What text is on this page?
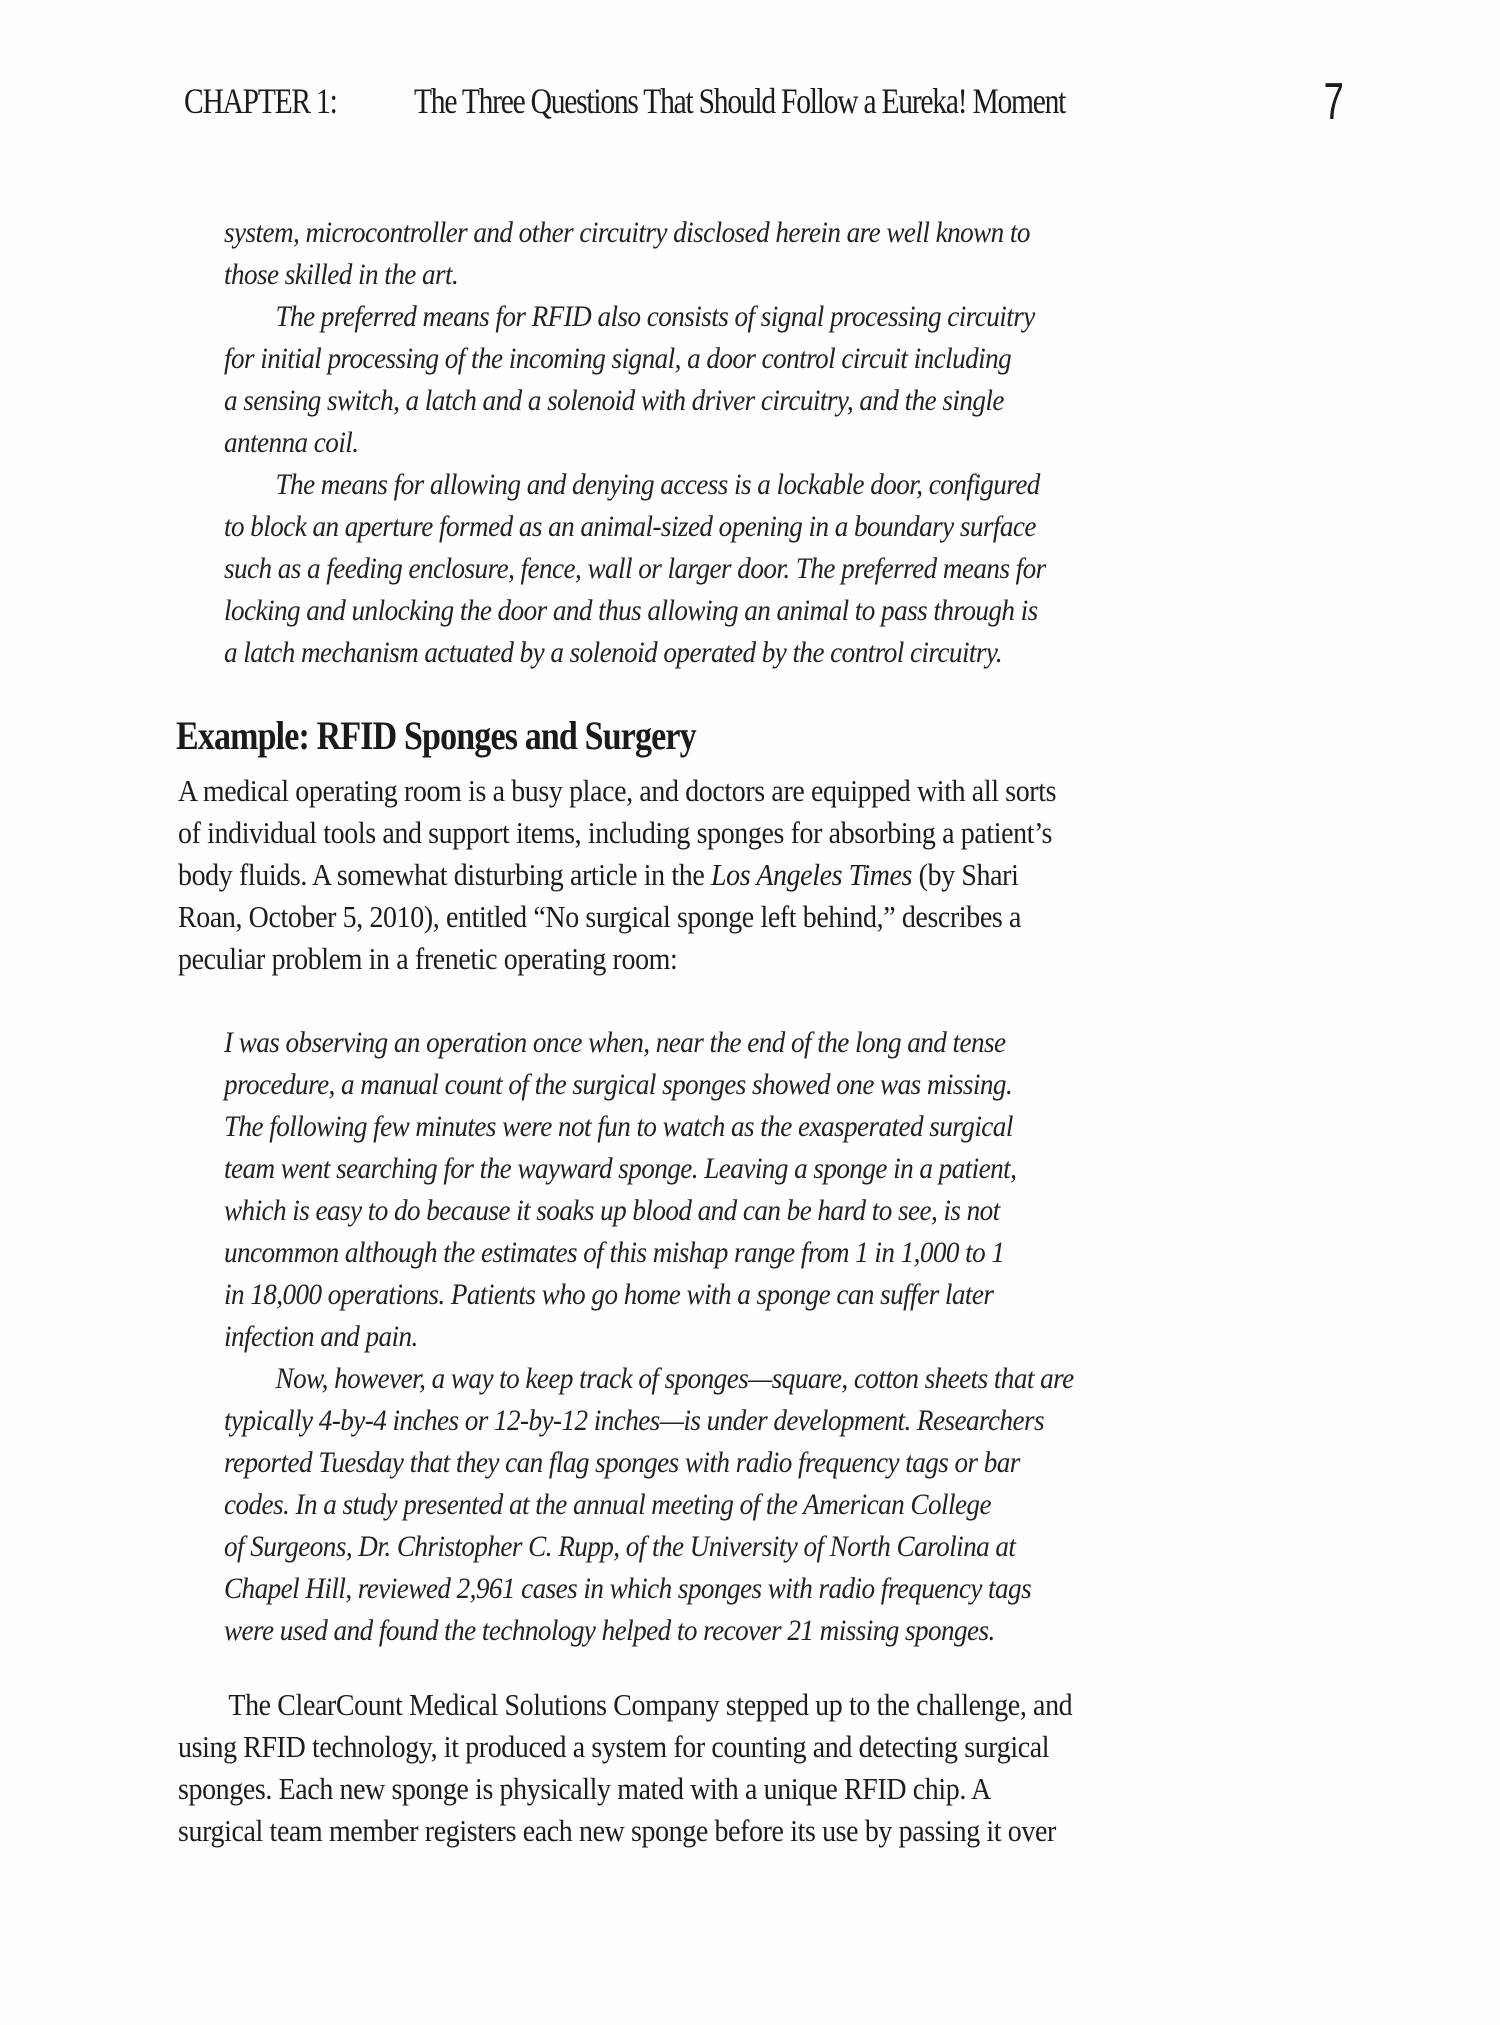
CHAPTER 1: The Three Questions That Should Follow a Eureka! Moment	7
system, microcontroller and other circuitry disclosed herein are well known to
those skilled in the art.
The preferred means for RFID also consists of signal processing circuitry
for initial processing of the incoming signal, a door control circuit including
a sensing switch, a latch and a solenoid with driver circuitry, and the single
antenna coil.
The means for allowing and denying access is a lockable door, configured
to block an aperture formed as an animal-sized opening in a boundary surface
such as a feeding enclosure, fence, wall or larger door. The preferred means for
locking and unlocking the door and thus allowing an animal to pass through is
a latch mechanism actuated by a solenoid operated by the control circuitry.
Example: RFID Sponges and Surgery
A medical operating room is a busy place, and doctors are equipped with all sorts
of individual tools and support items, including sponges for absorbing a patient’s
body fluids. A somewhat disturbing article in the Los Angeles Times (by Shari
Roan, October 5, 2010), entitled “No surgical sponge left behind,” describes a
peculiar problem in a frenetic operating room:
I was observing an operation once when, near the end of the long and tense
procedure, a manual count of the surgical sponges showed one was missing.
The following few minutes were not fun to watch as the exasperated surgical
team went searching for the wayward sponge. Leaving a sponge in a patient,
which is easy to do because it soaks up blood and can be hard to see, is not
uncommon although the estimates of this mishap range from 1 in 1,000 to 1
in 18,000 operations. Patients who go home with a sponge can suffer later
infection and pain.
Now, however, a way to keep track of sponges—square, cotton sheets that are
typically 4-by-4 inches or 12-by-12 inches—is under development. Researchers
reported Tuesday that they can flag sponges with radio frequency tags or bar
codes. In a study presented at the annual meeting of the American College
of Surgeons, Dr. Christopher C. Rupp, of the University of North Carolina at
Chapel Hill, reviewed 2,961 cases in which sponges with radio frequency tags
were used and found the technology helped to recover 21 missing sponges.
The ClearCount Medical Solutions Company stepped up to the challenge, and
using RFID technology, it produced a system for counting and detecting surgical
sponges. Each new sponge is physically mated with a unique RFID chip. A
surgical team member registers each new sponge before its use by passing it over
